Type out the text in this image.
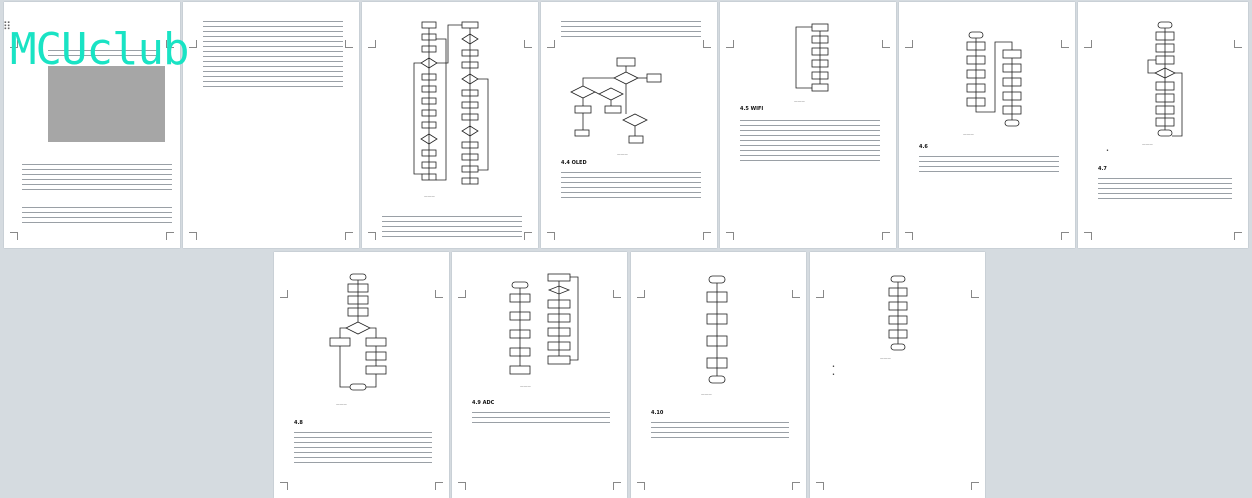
———
———
4.4 OLED
———
4.5 WIFI
———
4.6	———
•
4.7
———
4.8
———
4.9 ADC
———
4.10
———
•
•
MCUclub
⠿
